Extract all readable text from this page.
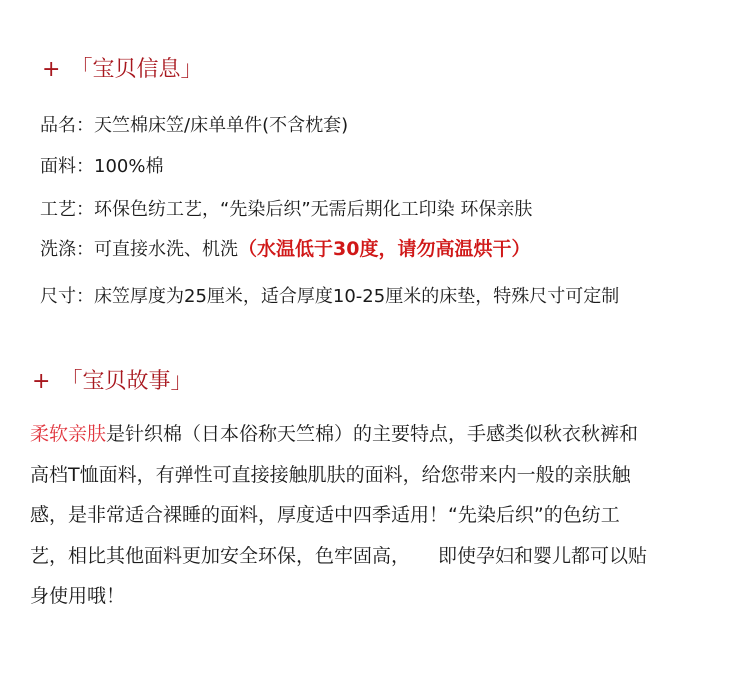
+ 「宝贝信息」
品名：天竺棉床笠/床单单件(不含枕套)
面料：100%棉
工艺：环保色纺工艺，“先染后织”无需后期化工印染 环保亲肤
洗涤：可直接水洗、机洗（水温低于30度，请勿高温烘干）
尺寸：床笠厚度为25厘米，适合厚度10-25厘米的床垫，特殊尺寸可定制
+ 「宝贝故事」
柔软亲肤是针织棉（日本俗称天竺棉）的主要特点，手感类似秋衣秋裤和
高档T恤面料，有弹性可直接接触肌肤的面料，给您带来内一般的亲肤触
感，是非常适合裸睡的面料，厚度适中四季适用！“先染后织”的色纺工
艺，相比其他面料更加安全环保，色牢固高， 即使孕妇和婴儿都可以贴
身使用哦！
